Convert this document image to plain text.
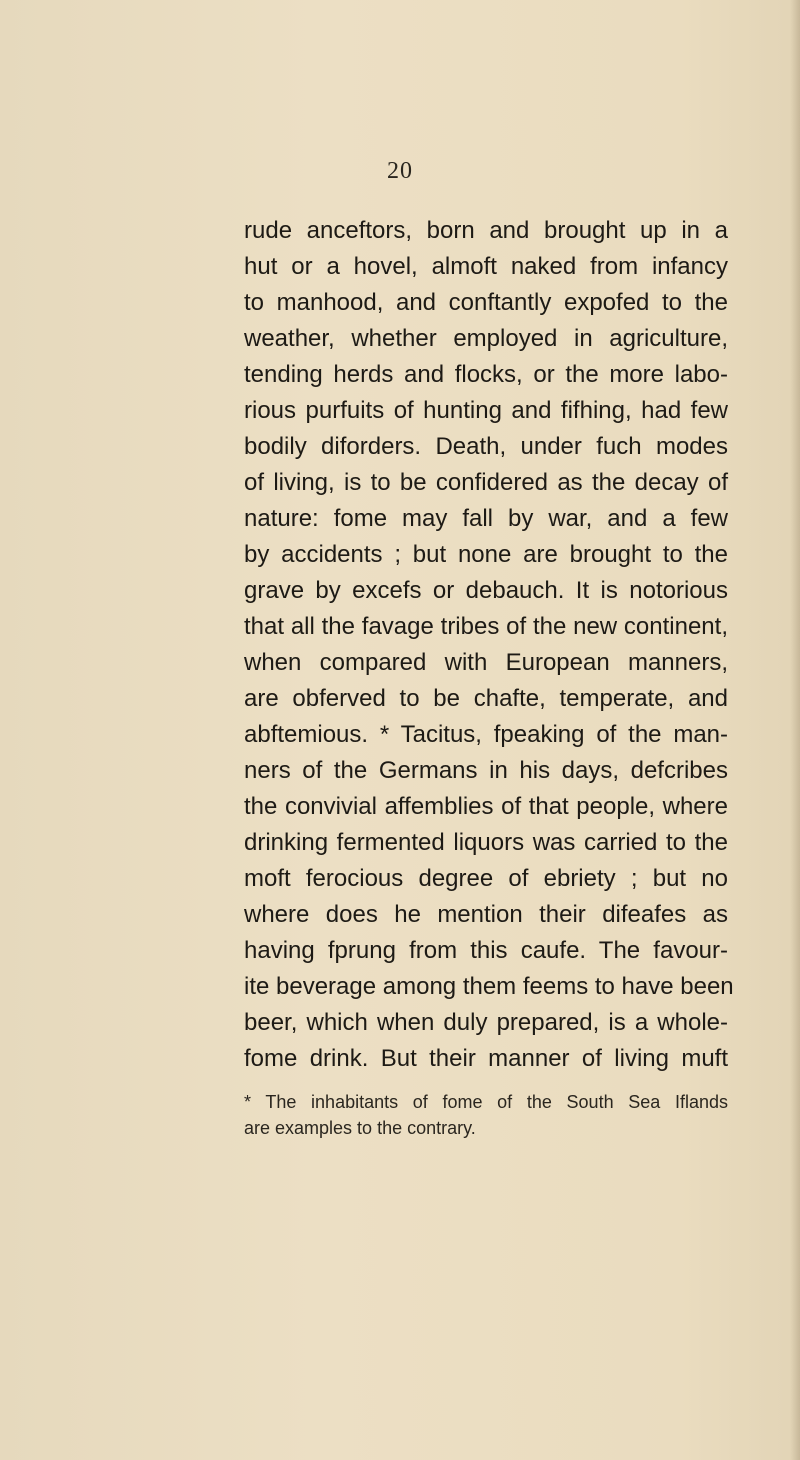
20
rude anceftors, born and brought up in a
hut or a hovel, almoft naked from infancy
to manhood, and conftantly expofed to the
weather, whether employed in agriculture,
tending herds and flocks, or the more labo-
rious purfuits of hunting and fifhing, had few
bodily diforders. Death, under fuch modes
of living, is to be confidered as the decay of
nature: fome may fall by war, and a few
by accidents ; but none are brought to the
grave by excefs or debauch. It is notorious
that all the favage tribes of the new continent,
when compared with European manners,
are obferved to be chafte, temperate, and
abftemious. * Tacitus, fpeaking of the man-
ners of the Germans in his days, defcribes
the convivial affemblies of that people, where
drinking fermented liquors was carried to the
moft ferocious degree of ebriety ; but no
where does he mention their difeafes as
having fprung from this caufe. The favour-
ite beverage among them feems to have been
beer, which when duly prepared, is a whole-
fome drink. But their manner of living muft
* The inhabitants of fome of the South Sea Iflands
are examples to the contrary.
